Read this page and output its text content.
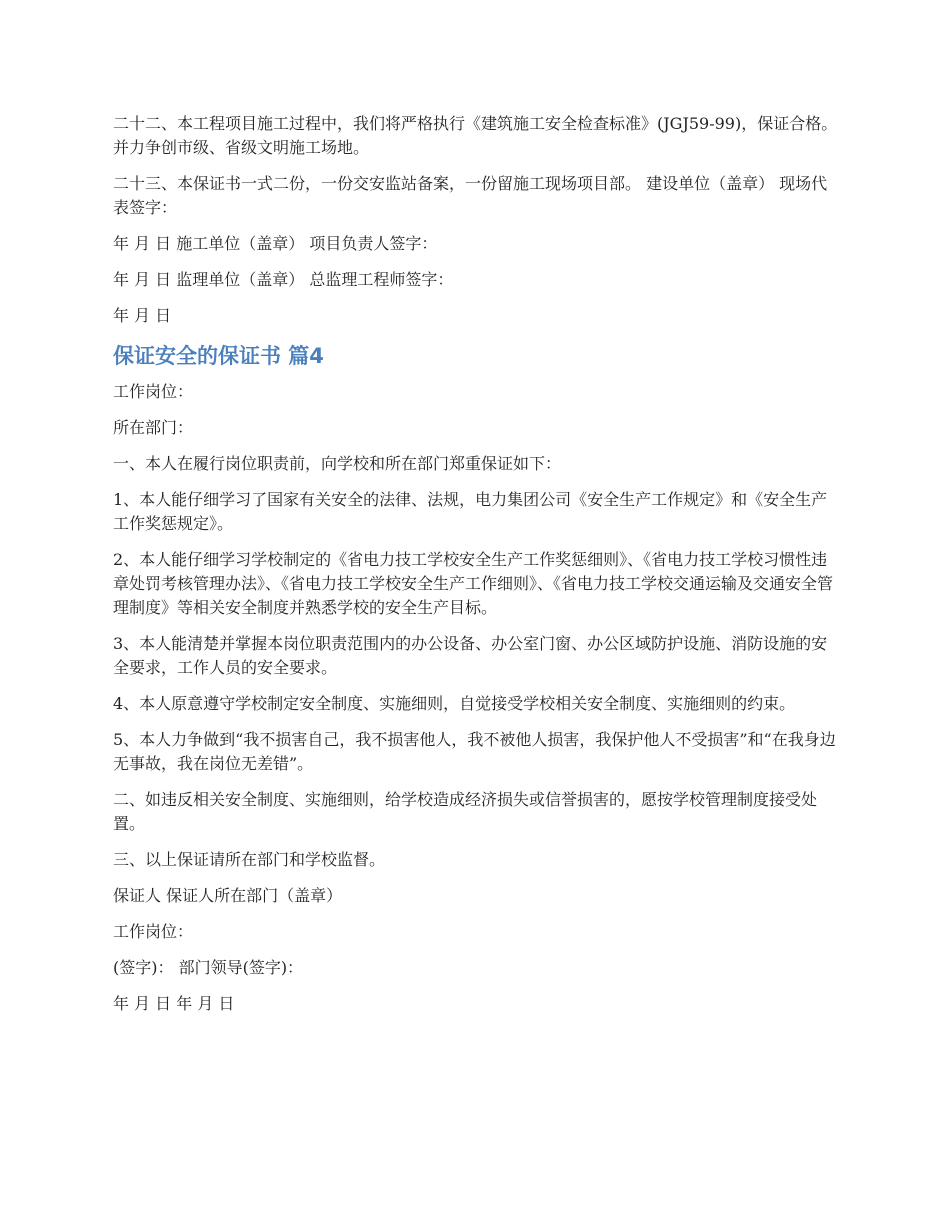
二十二、本工程项目施工过程中，我们将严格执行《建筑施工安全检查标准》(JGJ59-99)，保证合格。并力争创市级、省级文明施工场地。

二十三、本保证书一式二份，一份交安监站备案，一份留施工现场项目部。 建设单位（盖章） 现场代表签字：

年 月 日 施工单位（盖章） 项目负责人签字：

年 月 日 监理单位（盖章） 总监理工程师签字：

年 月 日

保证安全的保证书 篇4

工作岗位：

所在部门：

一、本人在履行岗位职责前，向学校和所在部门郑重保证如下：

1、本人能仔细学习了国家有关安全的法律、法规，电力集团公司《安全生产工作规定》和《安全生产工作奖惩规定》。

2、本人能仔细学习学校制定的《省电力技工学校安全生产工作奖惩细则》、《省电力技工学校习惯性违章处罚考核管理办法》、《省电力技工学校安全生产工作细则》、《省电力技工学校交通运输及交通安全管理制度》等相关安全制度并熟悉学校的安全生产目标。

3、本人能清楚并掌握本岗位职责范围内的办公设备、办公室门窗、办公区域防护设施、消防设施的安全要求，工作人员的安全要求。

4、本人原意遵守学校制定安全制度、实施细则，自觉接受学校相关安全制度、实施细则的约束。

5、本人力争做到“我不损害自己，我不损害他人，我不被他人损害，我保护他人不受损害”和“在我身边无事故，我在岗位无差错”。

二、如违反相关安全制度、实施细则，给学校造成经济损失或信誉损害的，愿按学校管理制度接受处置。

三、以上保证请所在部门和学校监督。

保证人 保证人所在部门（盖章）

工作岗位：

(签字)： 部门领导(签字)：

年 月 日 年 月 日
